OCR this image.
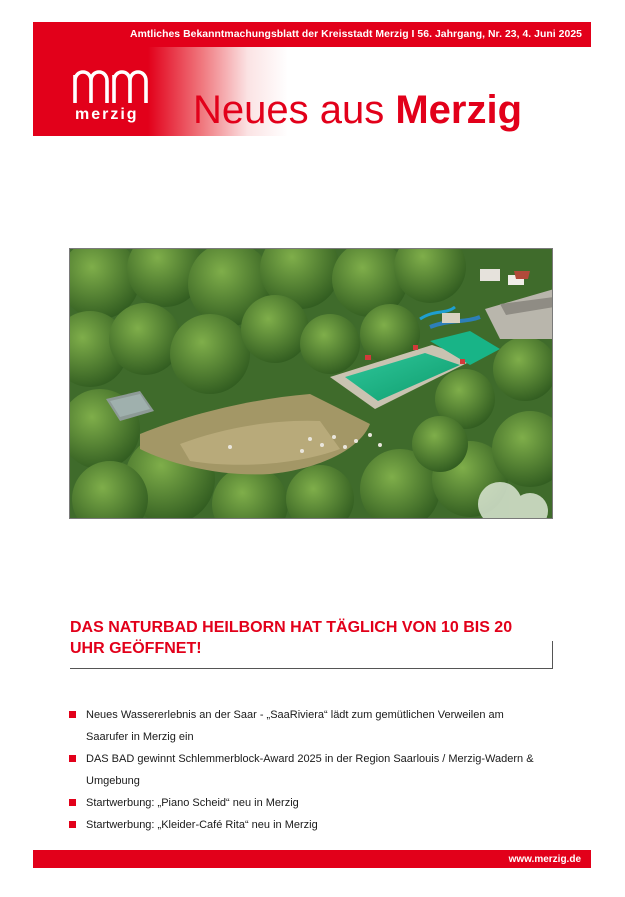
Amtliches Bekanntmachungsblatt der Kreisstadt Merzig I 56. Jahrgang, Nr. 23, 4. Juni 2025
merzig Neues aus Merzig
DAS NATURBAD HEILBORN HAT TÄGLICH VON 10 BIS 20 UHR GEÖFFNET!
Neues Wassererlebnis an der Saar - „SaaRiviera“ lädt zum gemütlichen Verweilen am Saarufer in Merzig ein
DAS BAD gewinnt Schlemmerblock-Award 2025 in der Region Saarlouis / Merzig-Wadern & Umgebung
Startwerbung: „Piano Scheid“ neu in Merzig
Startwerbung: „Kleider-Café Rita“ neu in Merzig
www.merzig.de
